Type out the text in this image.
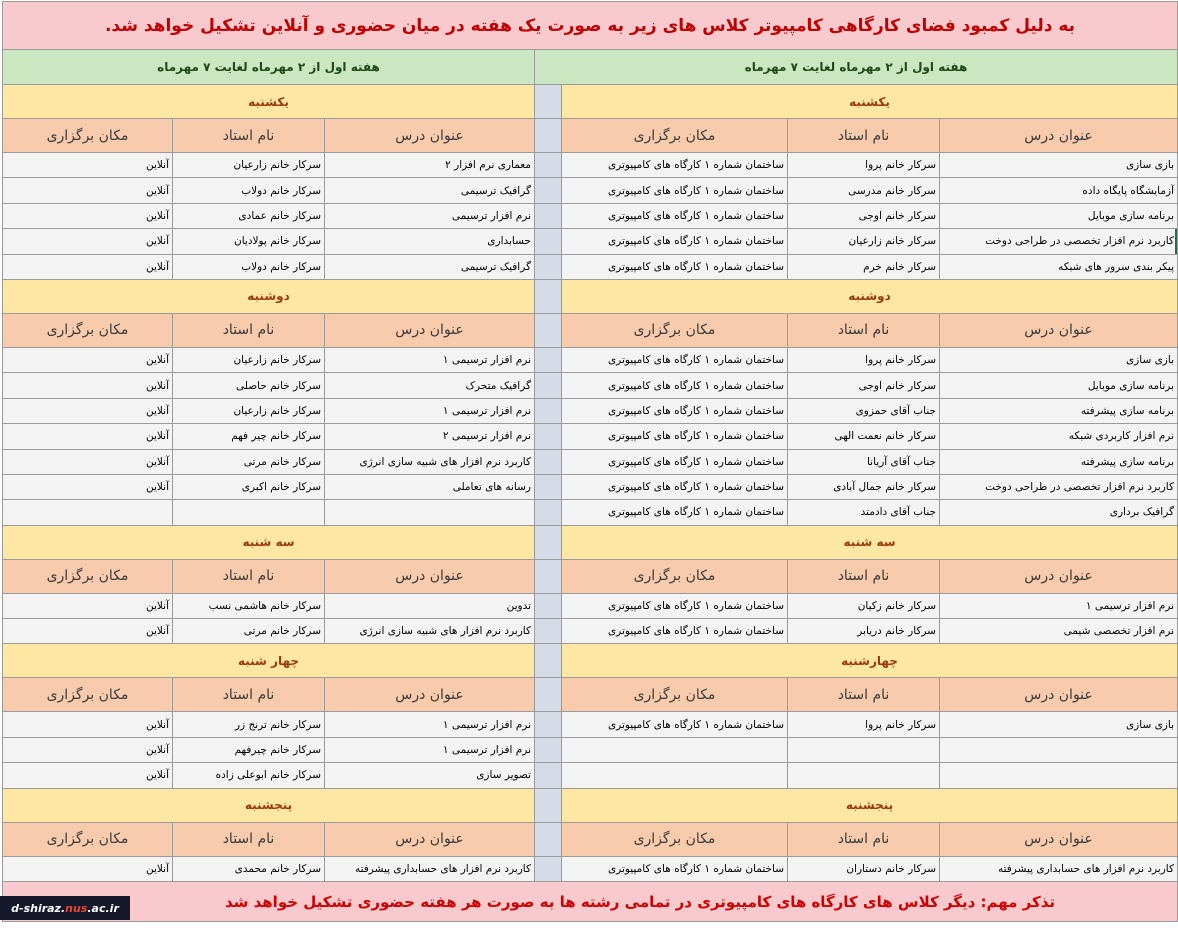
به دلیل کمبود فضای کارگاهی کامپیوتر کلاس های زیر به صورت یک هفته در میان حضوری و آنلاین تشکیل خواهد شد.
هفته اول از ۲ مهرماه لغایت ۷ مهرماه
هفته اول از ۲ مهرماه لغایت ۷ مهرماه
یکشنبه
یکشنبه
عنوان درس
نام استاد
مکان برگزاری
عنوان درس
نام استاد
مکان برگزاری
بازی سازی
سرکار خانم پروا
ساختمان شماره ۱ کارگاه های کامپیوتری
معماری نرم افزار ۲
سرکار خانم زارعیان
آنلاین
آزمایشگاه پایگاه داده
سرکار خانم مدرسی
ساختمان شماره ۱ کارگاه های کامپیوتری
گرافیک ترسیمی
سرکار خانم دولاب
آنلاین
برنامه سازی موبایل
سرکار خانم اوجی
ساختمان شماره ۱ کارگاه های کامپیوتری
نرم افزار ترسیمی
سرکار خانم عمادی
آنلاین
کاربرد نرم افزار تخصصی در طراحی دوخت
سرکار خانم زارعیان
ساختمان شماره ۱ کارگاه های کامپیوتری
حسابداری
سرکار خانم پولادیان
آنلاین
پیکر بندی سرور های شبکه
سرکار خانم خرم
ساختمان شماره ۱ کارگاه های کامپیوتری
گرافیک ترسیمی
سرکار خانم دولاب
آنلاین
دوشنبه
دوشنبه
عنوان درس
نام استاد
مکان برگزاری
عنوان درس
نام استاد
مکان برگزاری
بازی سازی
سرکار خانم پروا
ساختمان شماره ۱ کارگاه های کامپیوتری
نرم افزار ترسیمی ۱
سرکار خانم زارعیان
آنلاین
برنامه سازی موبایل
سرکار خانم اوجی
ساختمان شماره ۱ کارگاه های کامپیوتری
گرافیک متحرک
سرکار خانم حاصلی
آنلاین
برنامه سازی پیشرفته
جناب آقای حمزوی
ساختمان شماره ۱ کارگاه های کامپیوتری
نرم افزار ترسیمی ۱
سرکار خانم زارعیان
آنلاین
نرم افزار کاربردی شبکه
سرکار خانم نعمت الهی
ساختمان شماره ۱ کارگاه های کامپیوتری
نرم افزار ترسیمی ۲
سرکار خانم چیر فهم
آنلاین
برنامه سازی پیشرفته
جناب آقای آریانا
ساختمان شماره ۱ کارگاه های کامپیوتری
کاربرد نرم افزار های شبیه سازی انرژی
سرکار خانم مرتی
آنلاین
کاربرد نرم افزار تخصصی در طراحی دوخت
سرکار خانم جمال آبادی
ساختمان شماره ۱ کارگاه های کامپیوتری
رسانه های تعاملی
سرکار خانم اکبری
آنلاین
گرافیک برداری
جناب آقای دادمتد
ساختمان شماره ۱ کارگاه های کامپیوتری
سه شنبه
سه شنبه
عنوان درس
نام استاد
مکان برگزاری
عنوان درس
نام استاد
مکان برگزاری
نرم افزار ترسیمی ۱
سرکار خانم زکیان
ساختمان شماره ۱ کارگاه های کامپیوتری
تدوین
سرکار خانم هاشمی نسب
آنلاین
نرم افزار تخصصی شیمی
سرکار خانم دریابر
ساختمان شماره ۱ کارگاه های کامپیوتری
کاربرد نرم افزار های شبیه سازی انرژی
سرکار خانم مرتی
آنلاین
چهارشنبه
چهار شنبه
عنوان درس
نام استاد
مکان برگزاری
عنوان درس
نام استاد
مکان برگزاری
بازی سازی
سرکار خانم پروا
ساختمان شماره ۱ کارگاه های کامپیوتری
نرم افزار ترسیمی ۱
سرکار خانم ترنج زر
آنلاین
نرم افزار ترسیمی ۱
سرکار خانم چیرفهم
آنلاین
تصویر سازی
سرکار خانم ابوعلی زاده
آنلاین
پنجشنبه
پنجشنبه
عنوان درس
نام استاد
مکان برگزاری
عنوان درس
نام استاد
مکان برگزاری
کاربرد نرم افزار های حسابداری پیشرفته
سرکار خانم دستاران
ساختمان شماره ۱ کارگاه های کامپیوتری
کاربرد نرم افزار های حسابداری پیشرفته
سرکار خانم محمدی
آنلاین
تذکر مهم: دیگر کلاس های کارگاه های کامپیوتری در تمامی رشته ها به صورت هر هفته حضوری تشکیل خواهد شد
d-shiraz. nus .ac.ir
